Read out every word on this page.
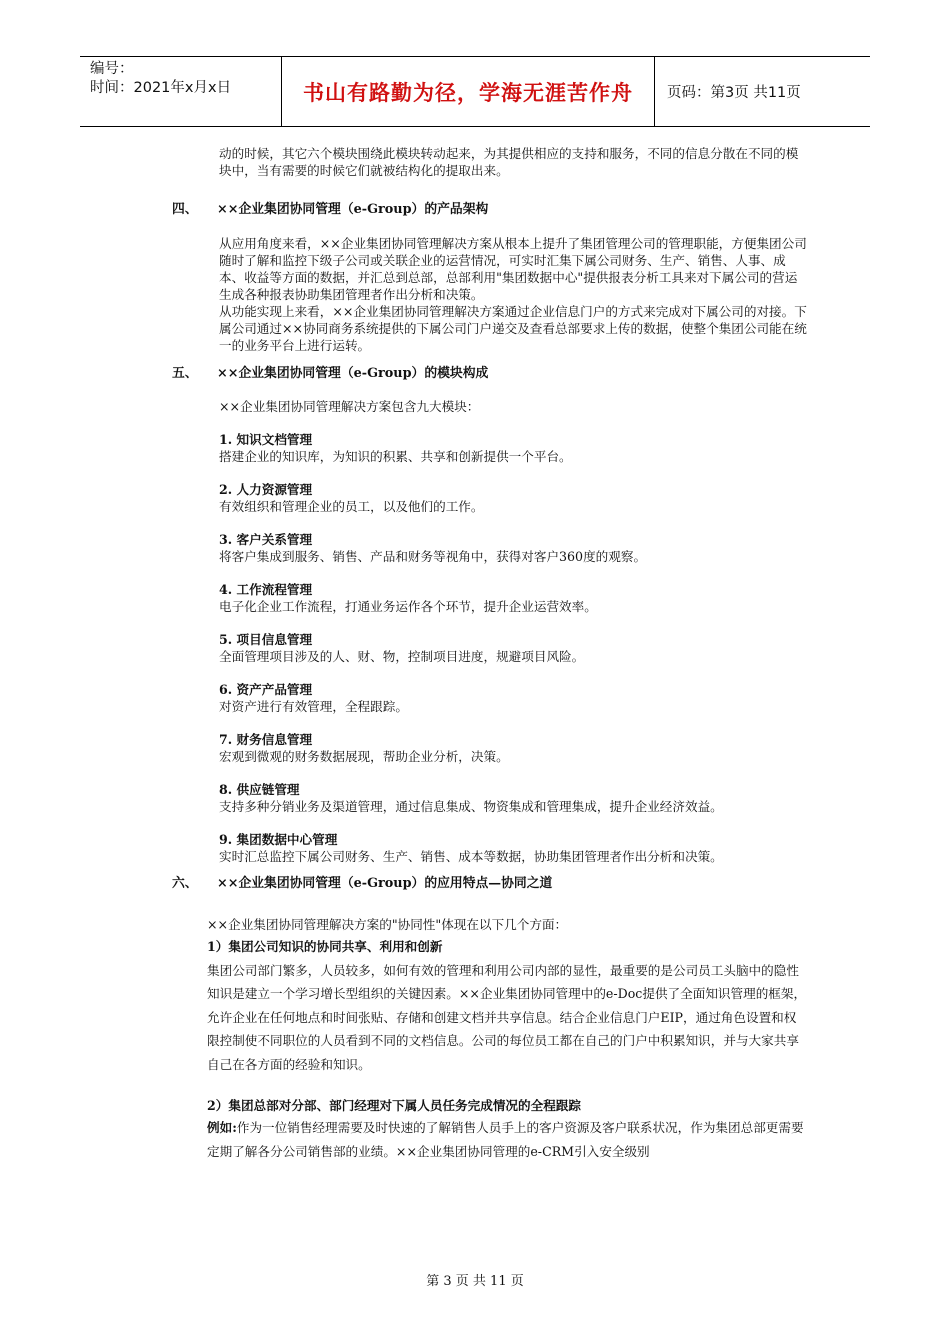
编号：
时间：2021年x月x日	书山有路勤为径，学海无涯苦作舟	页码：第3页 共11页

动的时候，其它六个模块围绕此模块转动起来，为其提供相应的支持和服务，不同的信息分散在不同的模块中，当有需要的时候它们就被结构化的提取出来。

四、	××企业集团协同管理（e-Group）的产品架构

从应用角度来看，××企业集团协同管理解决方案从根本上提升了集团管理公司的管理职能，方便集团公司随时了解和监控下级子公司或关联企业的运营情况，可实时汇集下属公司财务、生产、销售、人事、成本、收益等方面的数据，并汇总到总部，总部利用"集团数据中心"提供报表分析工具来对下属公司的营运生成各种报表协助集团管理者作出分析和决策。

从功能实现上来看，××企业集团协同管理解决方案通过企业信息门户的方式来完成对下属公司的对接。下属公司通过××协同商务系统提供的下属公司门户递交及查看总部要求上传的数据，使整个集团公司能在统一的业务平台上进行运转。

五、	××企业集团协同管理（e-Group）的模块构成

××企业集团协同管理解决方案包含九大模块：

1. 知识文档管理
搭建企业的知识库，为知识的积累、共享和创新提供一个平台。
2. 人力资源管理
有效组织和管理企业的员工，以及他们的工作。
3. 客户关系管理
将客户集成到服务、销售、产品和财务等视角中，获得对客户360度的观察。
4. 工作流程管理
电子化企业工作流程，打通业务运作各个环节，提升企业运营效率。
5. 项目信息管理
全面管理项目涉及的人、财、物，控制项目进度，规避项目风险。
6. 资产产品管理
对资产进行有效管理，全程跟踪。
7. 财务信息管理
宏观到微观的财务数据展现，帮助企业分析，决策。
8. 供应链管理
支持多种分销业务及渠道管理，通过信息集成、物资集成和管理集成，提升企业经济效益。
9. 集团数据中心管理
实时汇总监控下属公司财务、生产、销售、成本等数据，协助集团管理者作出分析和决策。
六、	××企业集团协同管理（e-Group）的应用特点—协同之道

××企业集团协同管理解决方案的"协同性"体现在以下几个方面：

1）集团公司知识的协同共享、利用和创新

集团公司部门繁多，人员较多，如何有效的管理和利用公司内部的显性，最重要的是公司员工头脑中的隐性知识是建立一个学习增长型组织的关键因素。××企业集团协同管理中的e-Doc提供了全面知识管理的框架，允许企业在任何地点和时间张贴、存储和创建文档并共享信息。结合企业信息门户EIP，通过角色设置和权限控制使不同职位的人员看到不同的文档信息。公司的每位员工都在自己的门户中积累知识，并与大家共享自己在各方面的经验和知识。

2）集团总部对分部、部门经理对下属人员任务完成情况的全程跟踪

例如:作为一位销售经理需要及时快速的了解销售人员手上的客户资源及客户联系状况，作为集团总部更需要定期了解各分公司销售部的业绩。××企业集团协同管理的e-CRM引入安全级别

第 3 页 共 11 页
